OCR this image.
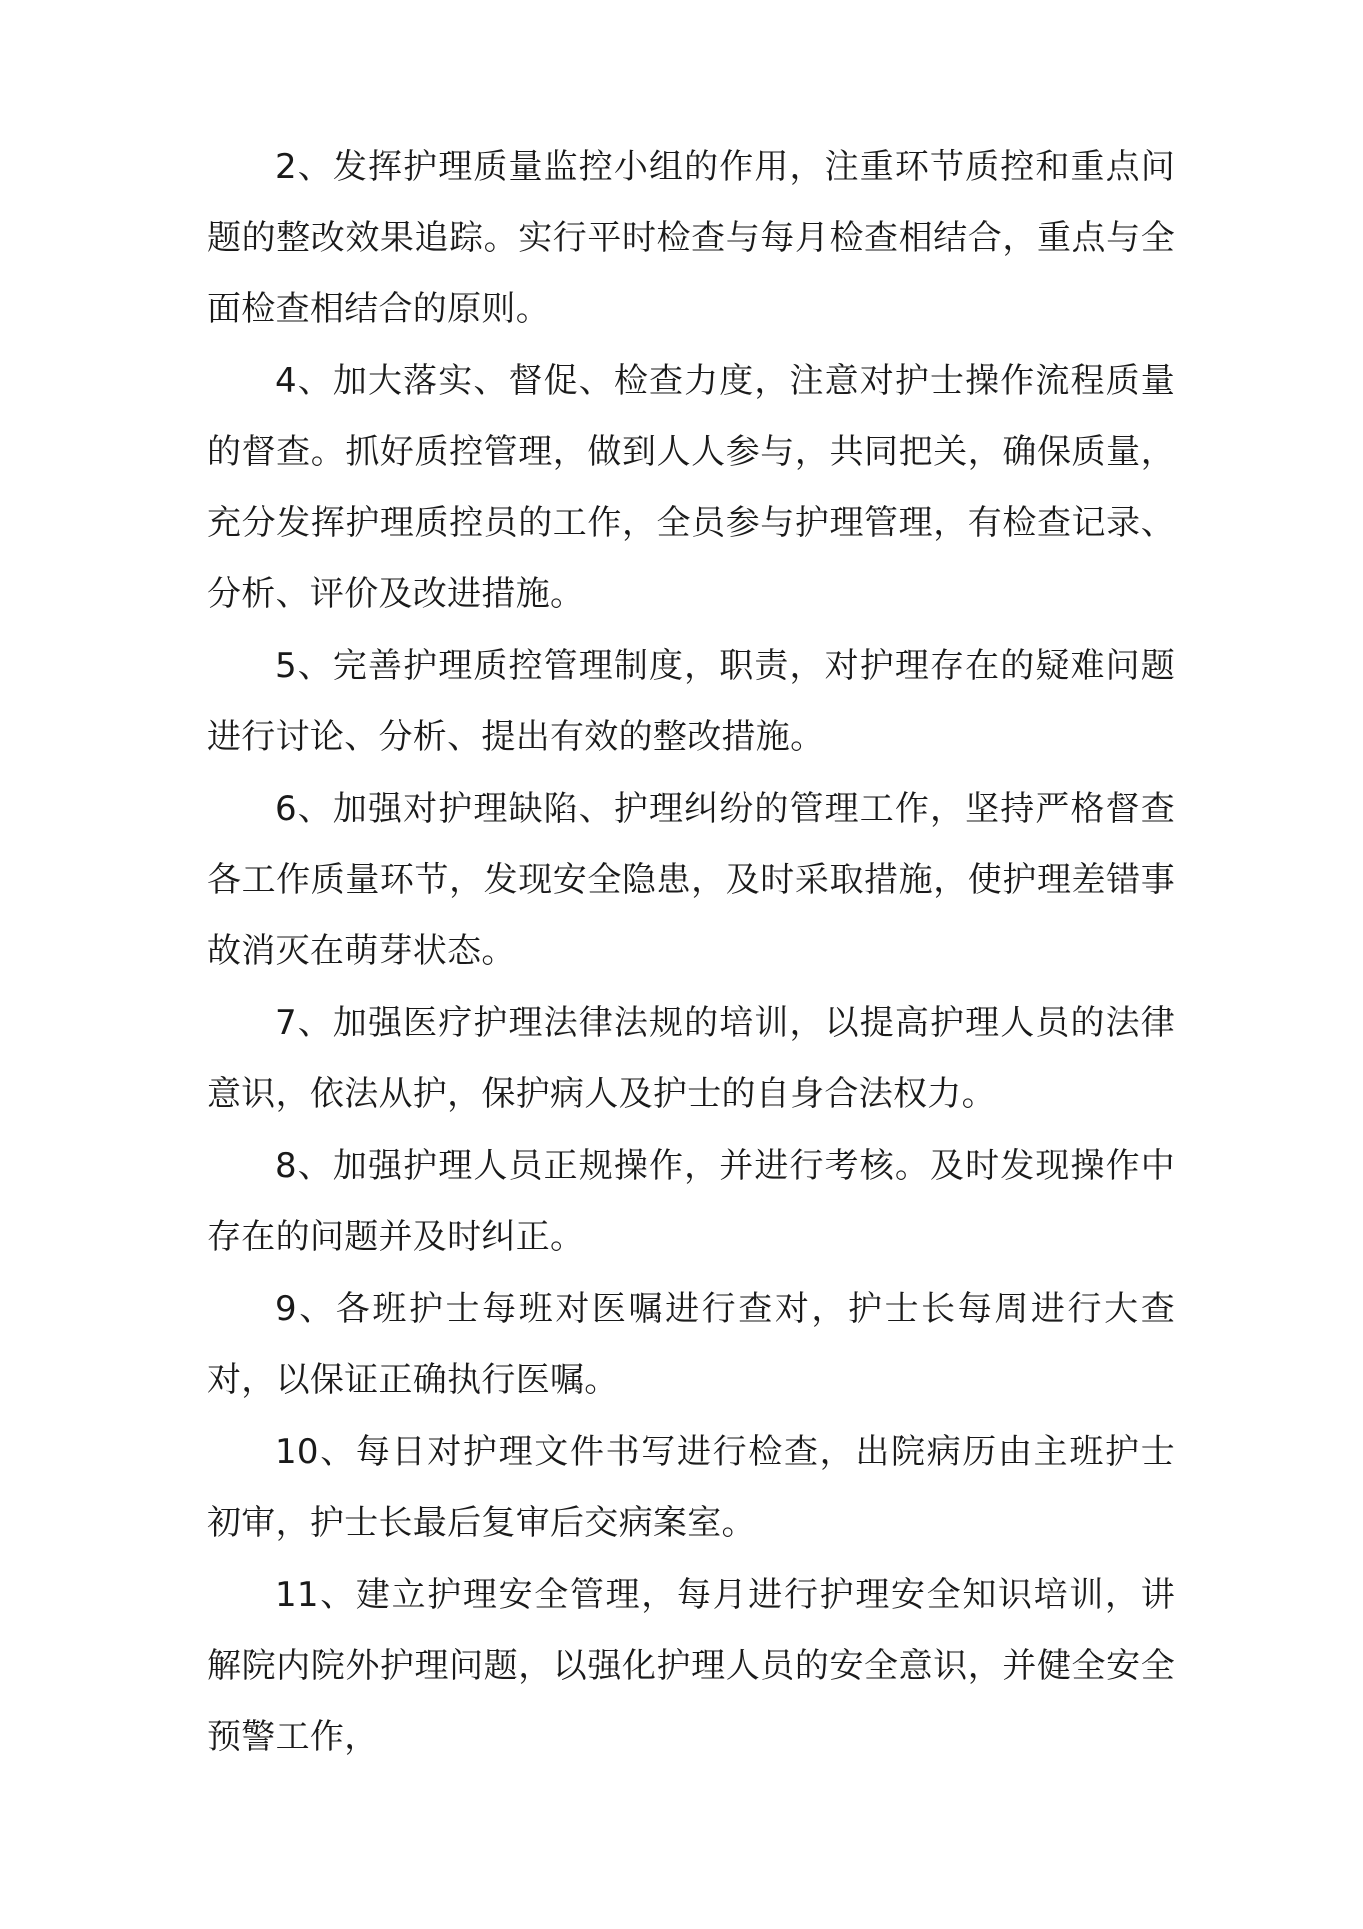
2、发挥护理质量监控小组的作用，注重环节质控和重点问题的整改效果追踪。实行平时检查与每月检查相结合，重点与全面检查相结合的原则。

4、加大落实、督促、检查力度，注意对护士操作流程质量的督查。抓好质控管理，做到人人参与，共同把关，确保质量，充分发挥护理质控员的工作，全员参与护理管理，有检查记录、分析、评价及改进措施。

5、完善护理质控管理制度，职责，对护理存在的疑难问题进行讨论、分析、提出有效的整改措施。

6、加强对护理缺陷、护理纠纷的管理工作，坚持严格督查各工作质量环节，发现安全隐患，及时采取措施，使护理差错事故消灭在萌芽状态。

7、加强医疗护理法律法规的培训，以提高护理人员的法律意识，依法从护，保护病人及护士的自身合法权力。

8、加强护理人员正规操作，并进行考核。及时发现操作中存在的问题并及时纠正。

9、各班护士每班对医嘱进行查对，护士长每周进行大查对，以保证正确执行医嘱。

10、每日对护理文件书写进行检查，出院病历由主班护士初审，护士长最后复审后交病案室。

11、建立护理安全管理，每月进行护理安全知识培训，讲解院内院外护理问题，以强化护理人员的安全意识，并健全安全预警工作，
